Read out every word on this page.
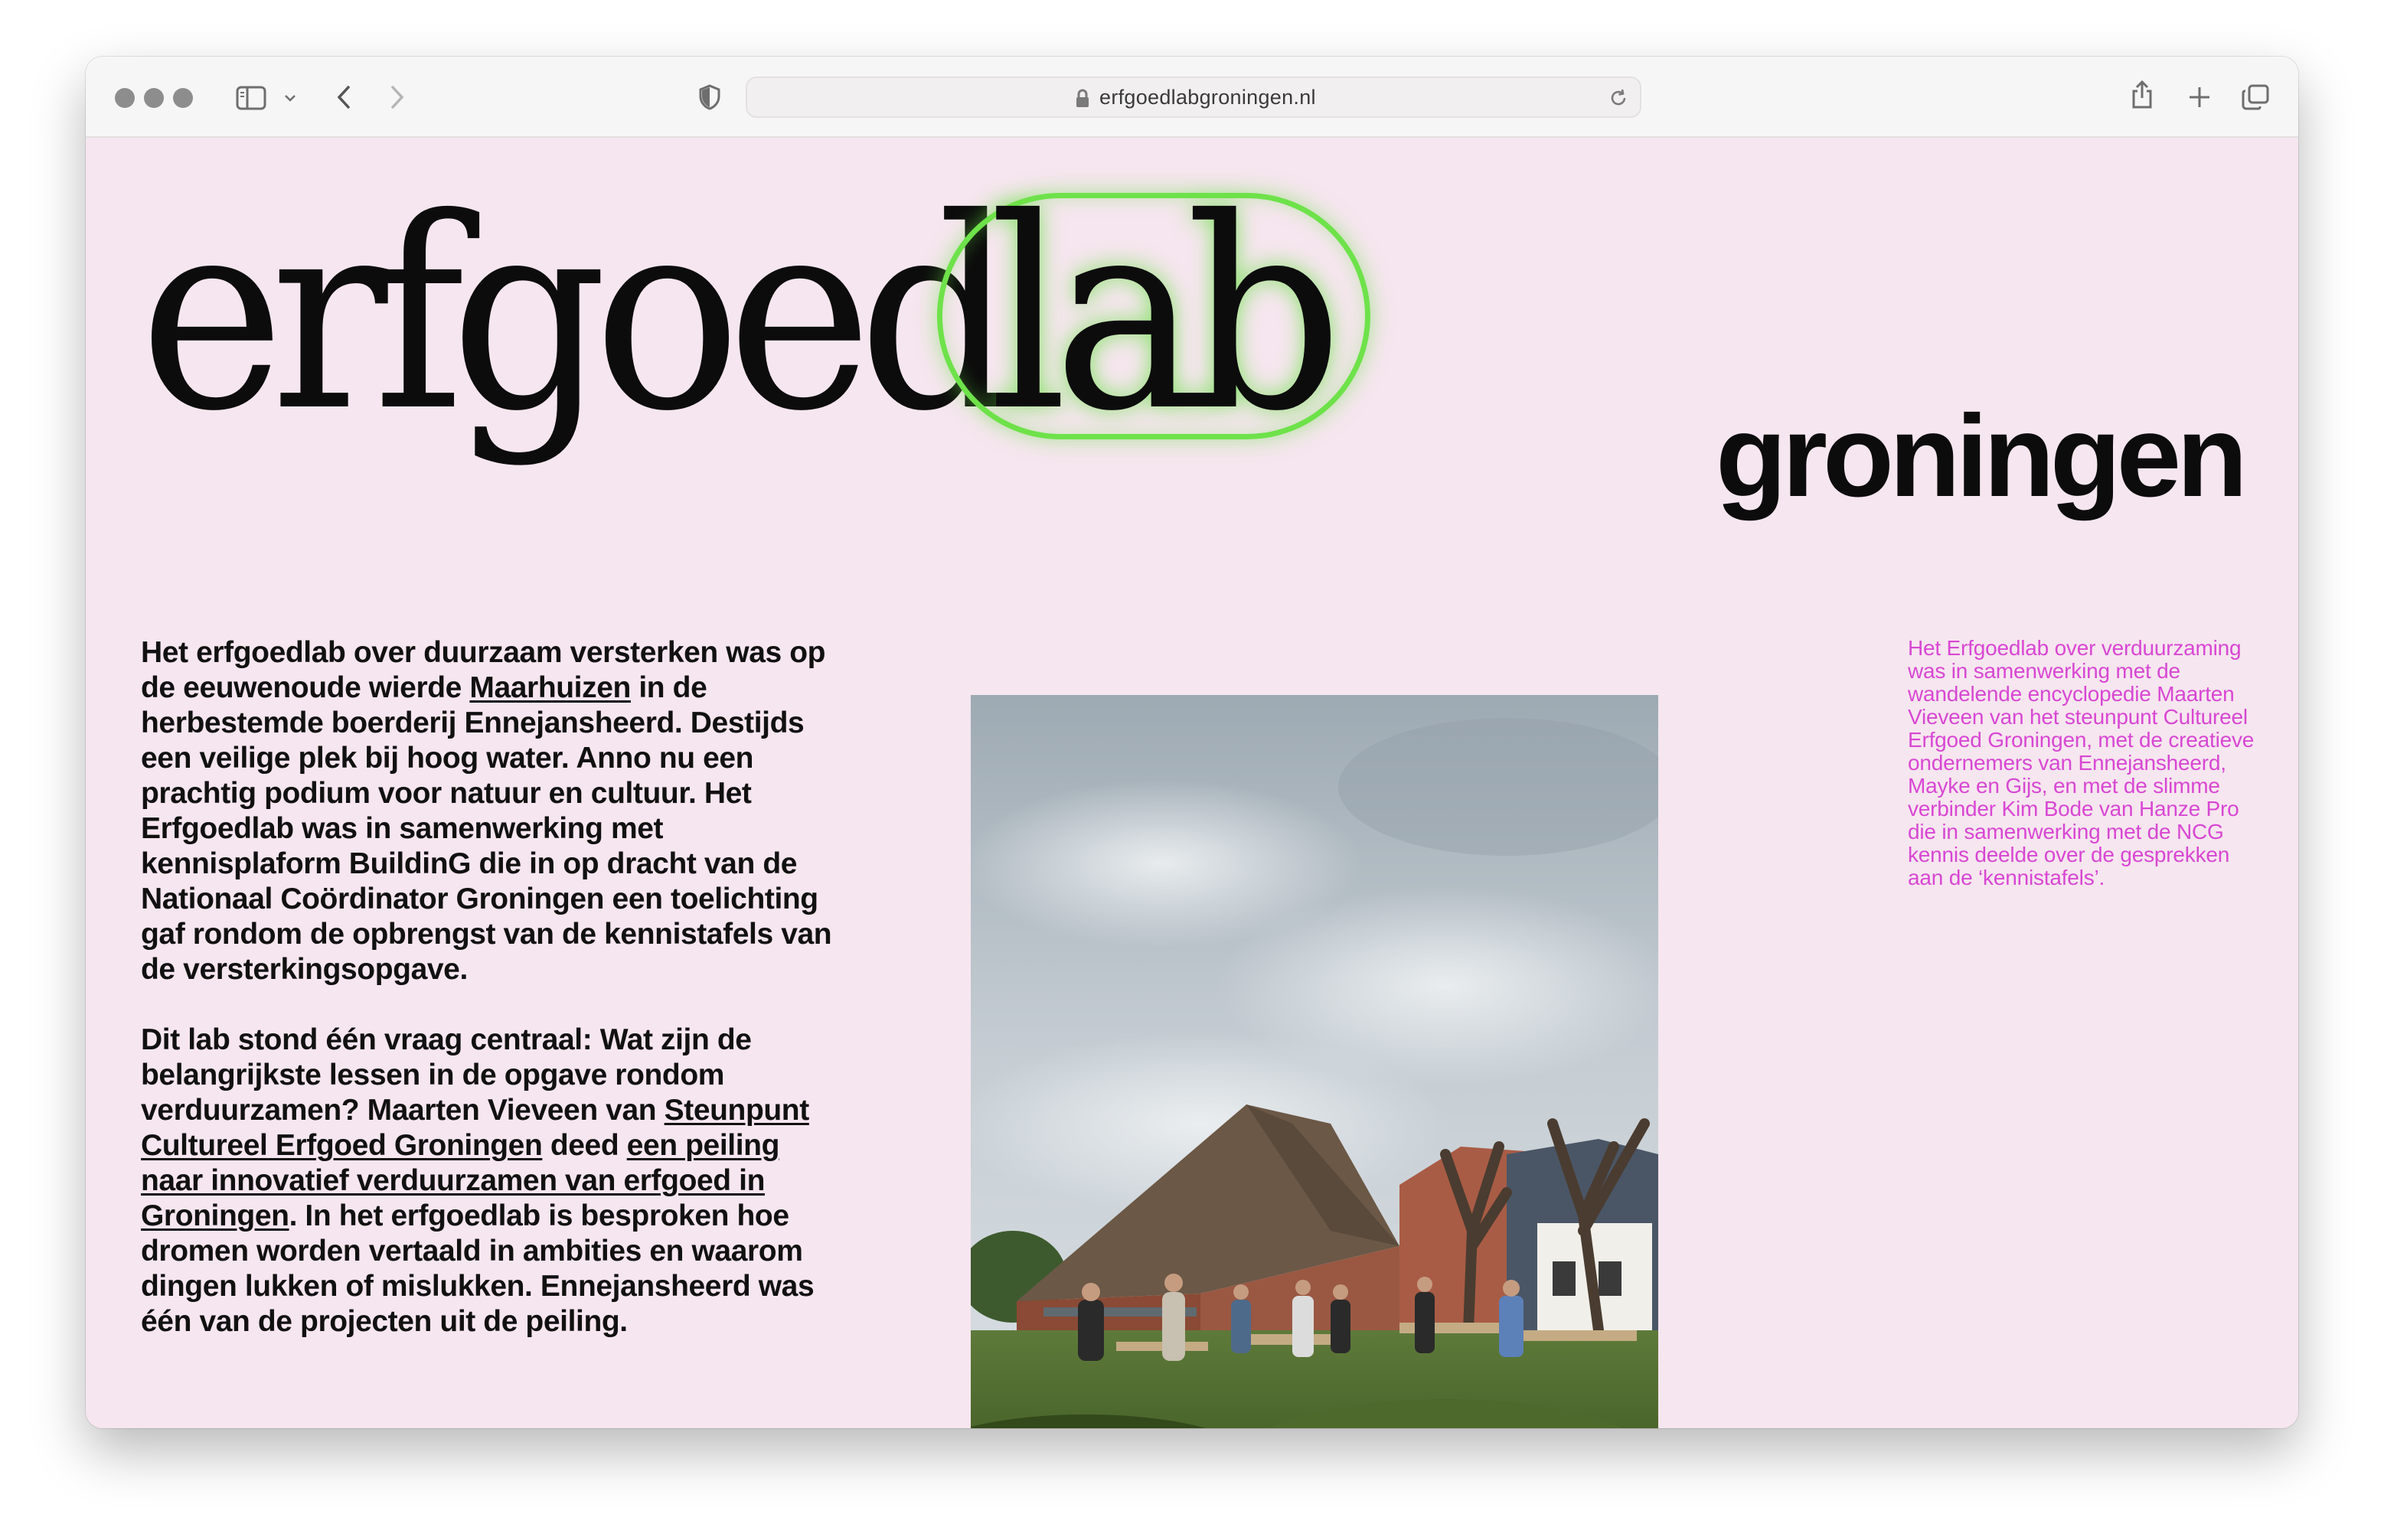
erfgoedlabgroningen.nl
erfgoed
lab	groningen

Het erfgoedlab over duurzaam versterken was op de eeuwenoude wierde Maarhuizen in de herbestemde boerderij Ennejansheerd. Destijds een veilige plek bij hoog water. Anno nu een prachtig podium voor natuur en cultuur. Het Erfgoedlab was in samenwerking met kennisplaform BuildinG die in op dracht van de Nationaal Coördinator Groningen een toelichting gaf rondom de opbrengst van de kennistafels van de versterkingsopgave.

Dit lab stond één vraag centraal: Wat zijn de belangrijkste lessen in de opgave rondom verduurzamen? Maarten Vieveen van Steunpunt Cultureel Erfgoed Groningen deed een peiling naar innovatief verduurzamen van erfgoed in Groningen. In het erfgoedlab is besproken hoe dromen worden vertaald in ambities en waarom dingen lukken of mislukken. Ennejansheerd was één van de projecten uit de peiling.

Het Erfgoedlab over verduurzaming was in samenwerking met de wandelende encyclopedie Maarten Vieveen van het steunpunt Cultureel Erfgoed Groningen, met de creatieve ondernemers van Ennejansheerd, Mayke en Gijs, en met de slimme verbinder Kim Bode van Hanze Pro die in samenwerking met de NCG kennis deelde over de gesprekken aan de ‘kennistafels’.
